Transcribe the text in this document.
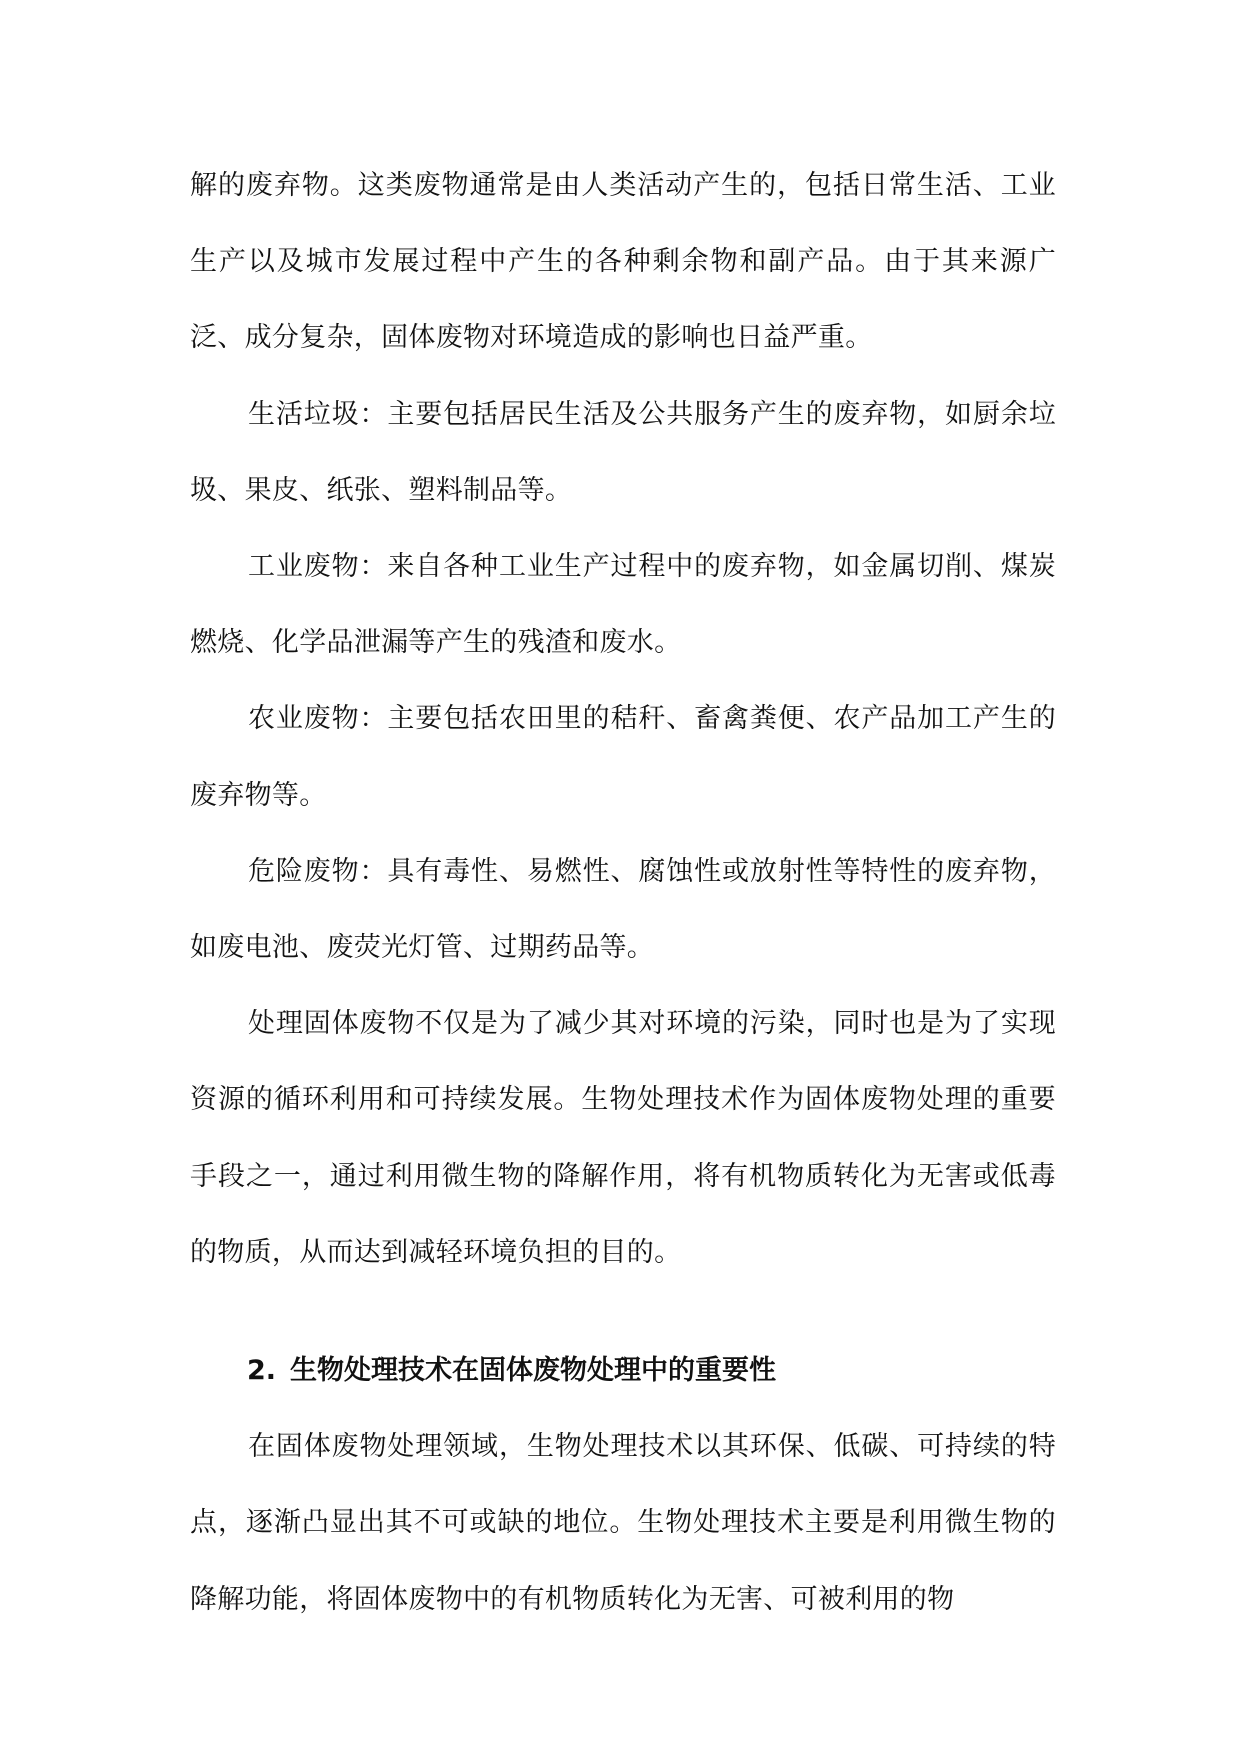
解的废弃物。这类废物通常是由人类活动产生的，包括日常生活、工业生产以及城市发展过程中产生的各种剩余物和副产品。由于其来源广泛、成分复杂，固体废物对环境造成的影响也日益严重。

生活垃圾：主要包括居民生活及公共服务产生的废弃物，如厨余垃圾、果皮、纸张、塑料制品等。

工业废物：来自各种工业生产过程中的废弃物，如金属切削、煤炭燃烧、化学品泄漏等产生的残渣和废水。

农业废物：主要包括农田里的秸秆、畜禽粪便、农产品加工产生的废弃物等。

危险废物：具有毒性、易燃性、腐蚀性或放射性等特性的废弃物，如废电池、废荧光灯管、过期药品等。

处理固体废物不仅是为了减少其对环境的污染，同时也是为了实现资源的循环利用和可持续发展。生物处理技术作为固体废物处理的重要手段之一，通过利用微生物的降解作用，将有机物质转化为无害或低毒的物质，从而达到减轻环境负担的目的。

2. 生物处理技术在固体废物处理中的重要性

在固体废物处理领域，生物处理技术以其环保、低碳、可持续的特点，逐渐凸显出其不可或缺的地位。生物处理技术主要是利用微生物的降解功能，将固体废物中的有机物质转化为无害、可被利用的物
